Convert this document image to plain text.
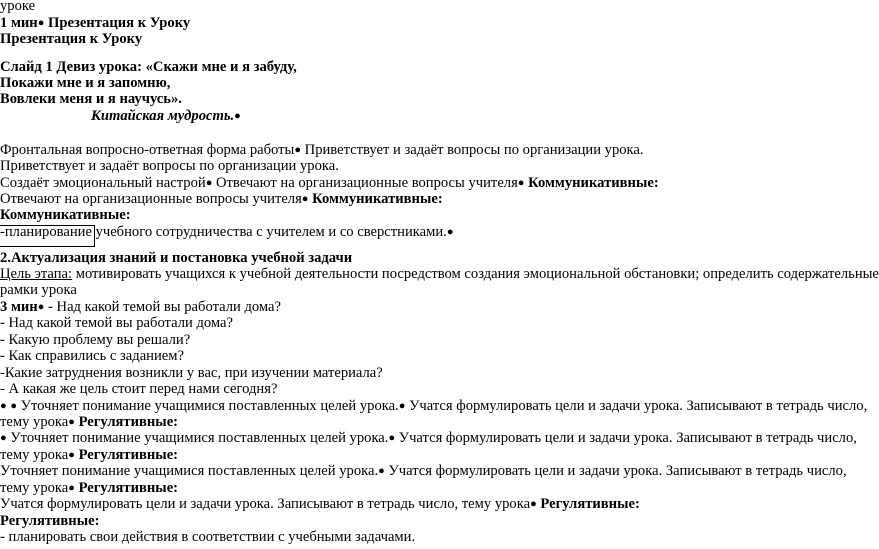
уроке
1 мин● Презентация к Уроку
Презентация к Уроку
Слайд 1 Девиз урока: «Скажи мне и я забуду,
Покажи мне и я запомню,
Вовлеки меня и я научусь».
Китайская мудрость.●
Фронтальная вопросно-ответная форма работы● Приветствует и задаёт вопросы по организации урока.
Приветствует и задаёт вопросы по организации урока.
Создаёт эмоциональный настрой● Отвечают на организационные вопросы учителя● Коммуникативные:
Отвечают на организационные вопросы учителя● Коммуникативные:
Коммуникативные:
-планирование учебного сотрудничества с учителем и со сверстниками.●
2.Актуализация знаний и постановка учебной задачи
Цель этапа: мотивировать учащихся к учебной деятельности посредством создания эмоциональной обстановки; определить содержательные
рамки урока
3 мин● - Над какой темой вы работали дома?
- Над какой темой вы работали дома?
- Какую проблему вы решали?
- Как справились с заданием?
-Какие затруднения возникли у вас, при изучении материала?
- А какая же цель стоит перед нами сегодня?
● ● Уточняет понимание учащимися поставленных целей урока.● Учатся формулировать цели и задачи урока. Записывают в тетрадь число,
тему урока● Регулятивные:
● Уточняет понимание учащимися поставленных целей урока.● Учатся формулировать цели и задачи урока. Записывают в тетрадь число,
тему урока● Регулятивные:
Уточняет понимание учащимися поставленных целей урока.● Учатся формулировать цели и задачи урока. Записывают в тетрадь число,
тему урока● Регулятивные:
Учатся формулировать цели и задачи урока. Записывают в тетрадь число, тему урока● Регулятивные:
Регулятивные:
- планировать свои действия в соответствии с учебными задачами.
